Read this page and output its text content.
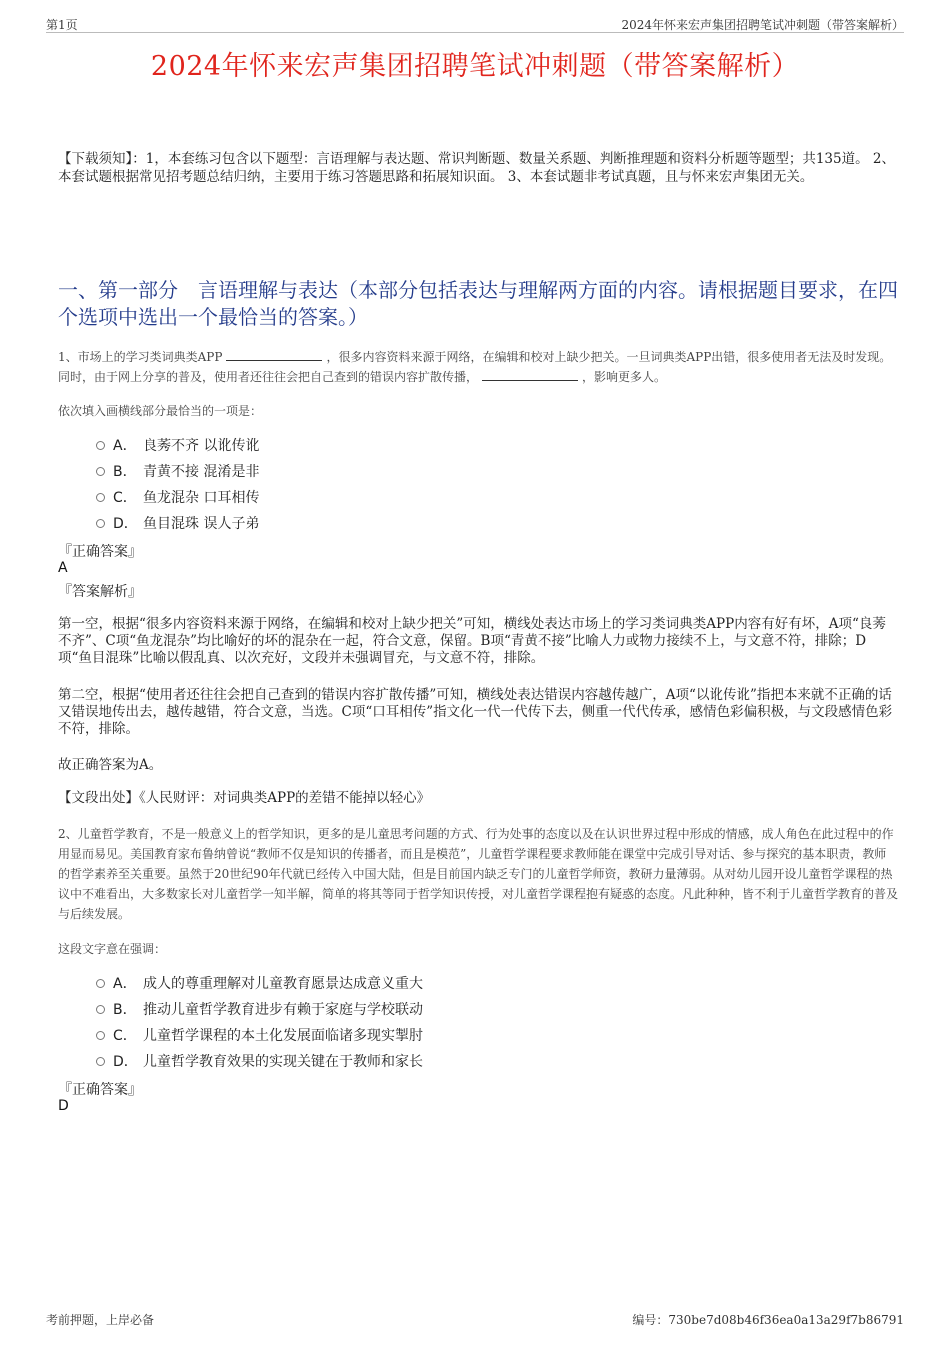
第1页	2024年怀来宏声集团招聘笔试冲刺题（带答案解析）
2024年怀来宏声集团招聘笔试冲刺题（带答案解析）
【下载须知】：1，本套练习包含以下题型：言语理解与表达题、常识判断题、数量关系题、判断推理题和资料分析题等题型；共135道。 2、本套试题根据常见招考题总结归纳，主要用于练习答题思路和拓展知识面。 3、本套试题非考试真题，且与怀来宏声集团无关。
一、第一部分　言语理解与表达（本部分包括表达与理解两方面的内容。请根据题目要求，在四个选项中选出一个最恰当的答案。）
1、市场上的学习类词典类APP	，很多内容资料来源于网络，在编辑和校对上缺少把关。一旦词典类APP出错，很多使用者无法及时发现。同时，由于网上分享的普及，使用者还往往会把自己查到的错误内容扩散传播，	，影响更多人。
依次填入画横线部分最恰当的一项是：
A． 良莠不齐 以讹传讹
B． 青黄不接 混淆是非
C． 鱼龙混杂 口耳相传
D． 鱼目混珠 误人子弟
『正确答案』
A
『答案解析』
第一空，根据“很多内容资料来源于网络，在编辑和校对上缺少把关”可知，横线处表达市场上的学习类词典类APP内容有好有坏，A项“良莠不齐”、C项“鱼龙混杂”均比喻好的坏的混杂在一起，符合文意，保留。B项“青黄不接”比喻人力或物力接续不上，与文意不符，排除；D项“鱼目混珠”比喻以假乱真、以次充好，文段并未强调冒充，与文意不符，排除。
第二空，根据“使用者还往往会把自己查到的错误内容扩散传播”可知，横线处表达错误内容越传越广，A项“以讹传讹”指把本来就不正确的话又错误地传出去，越传越错，符合文意，当选。C项“口耳相传”指文化一代一代传下去，侧重一代代传承，感情色彩偏积极，与文段感情色彩不符，排除。
故正确答案为A。
【文段出处】《人民财评：对词典类APP的差错不能掉以轻心》
2、儿童哲学教育，不是一般意义上的哲学知识，更多的是儿童思考问题的方式、行为处事的态度以及在认识世界过程中形成的情感，成人角色在此过程中的作用显而易见。美国教育家布鲁纳曾说“教师不仅是知识的传播者，而且是模范”，儿童哲学课程要求教师能在课堂中完成引导对话、参与探究的基本职责，教师的哲学素养至关重要。虽然于20世纪90年代就已经传入中国大陆，但是目前国内缺乏专门的儿童哲学师资，教研力量薄弱。从对幼儿园开设儿童哲学课程的热议中不难看出，大多数家长对儿童哲学一知半解，简单的将其等同于哲学知识传授，对儿童哲学课程抱有疑惑的态度。凡此种种，皆不利于儿童哲学教育的普及与后续发展。
这段文字意在强调：
A． 成人的尊重理解对儿童教育愿景达成意义重大
B． 推动儿童哲学教育进步有赖于家庭与学校联动
C． 儿童哲学课程的本土化发展面临诸多现实掣肘
D． 儿童哲学教育效果的实现关键在于教师和家长
『正确答案』
D
考前押题，上岸必备	编号：730be7d08b46f36ea0a13a29f7b86791
